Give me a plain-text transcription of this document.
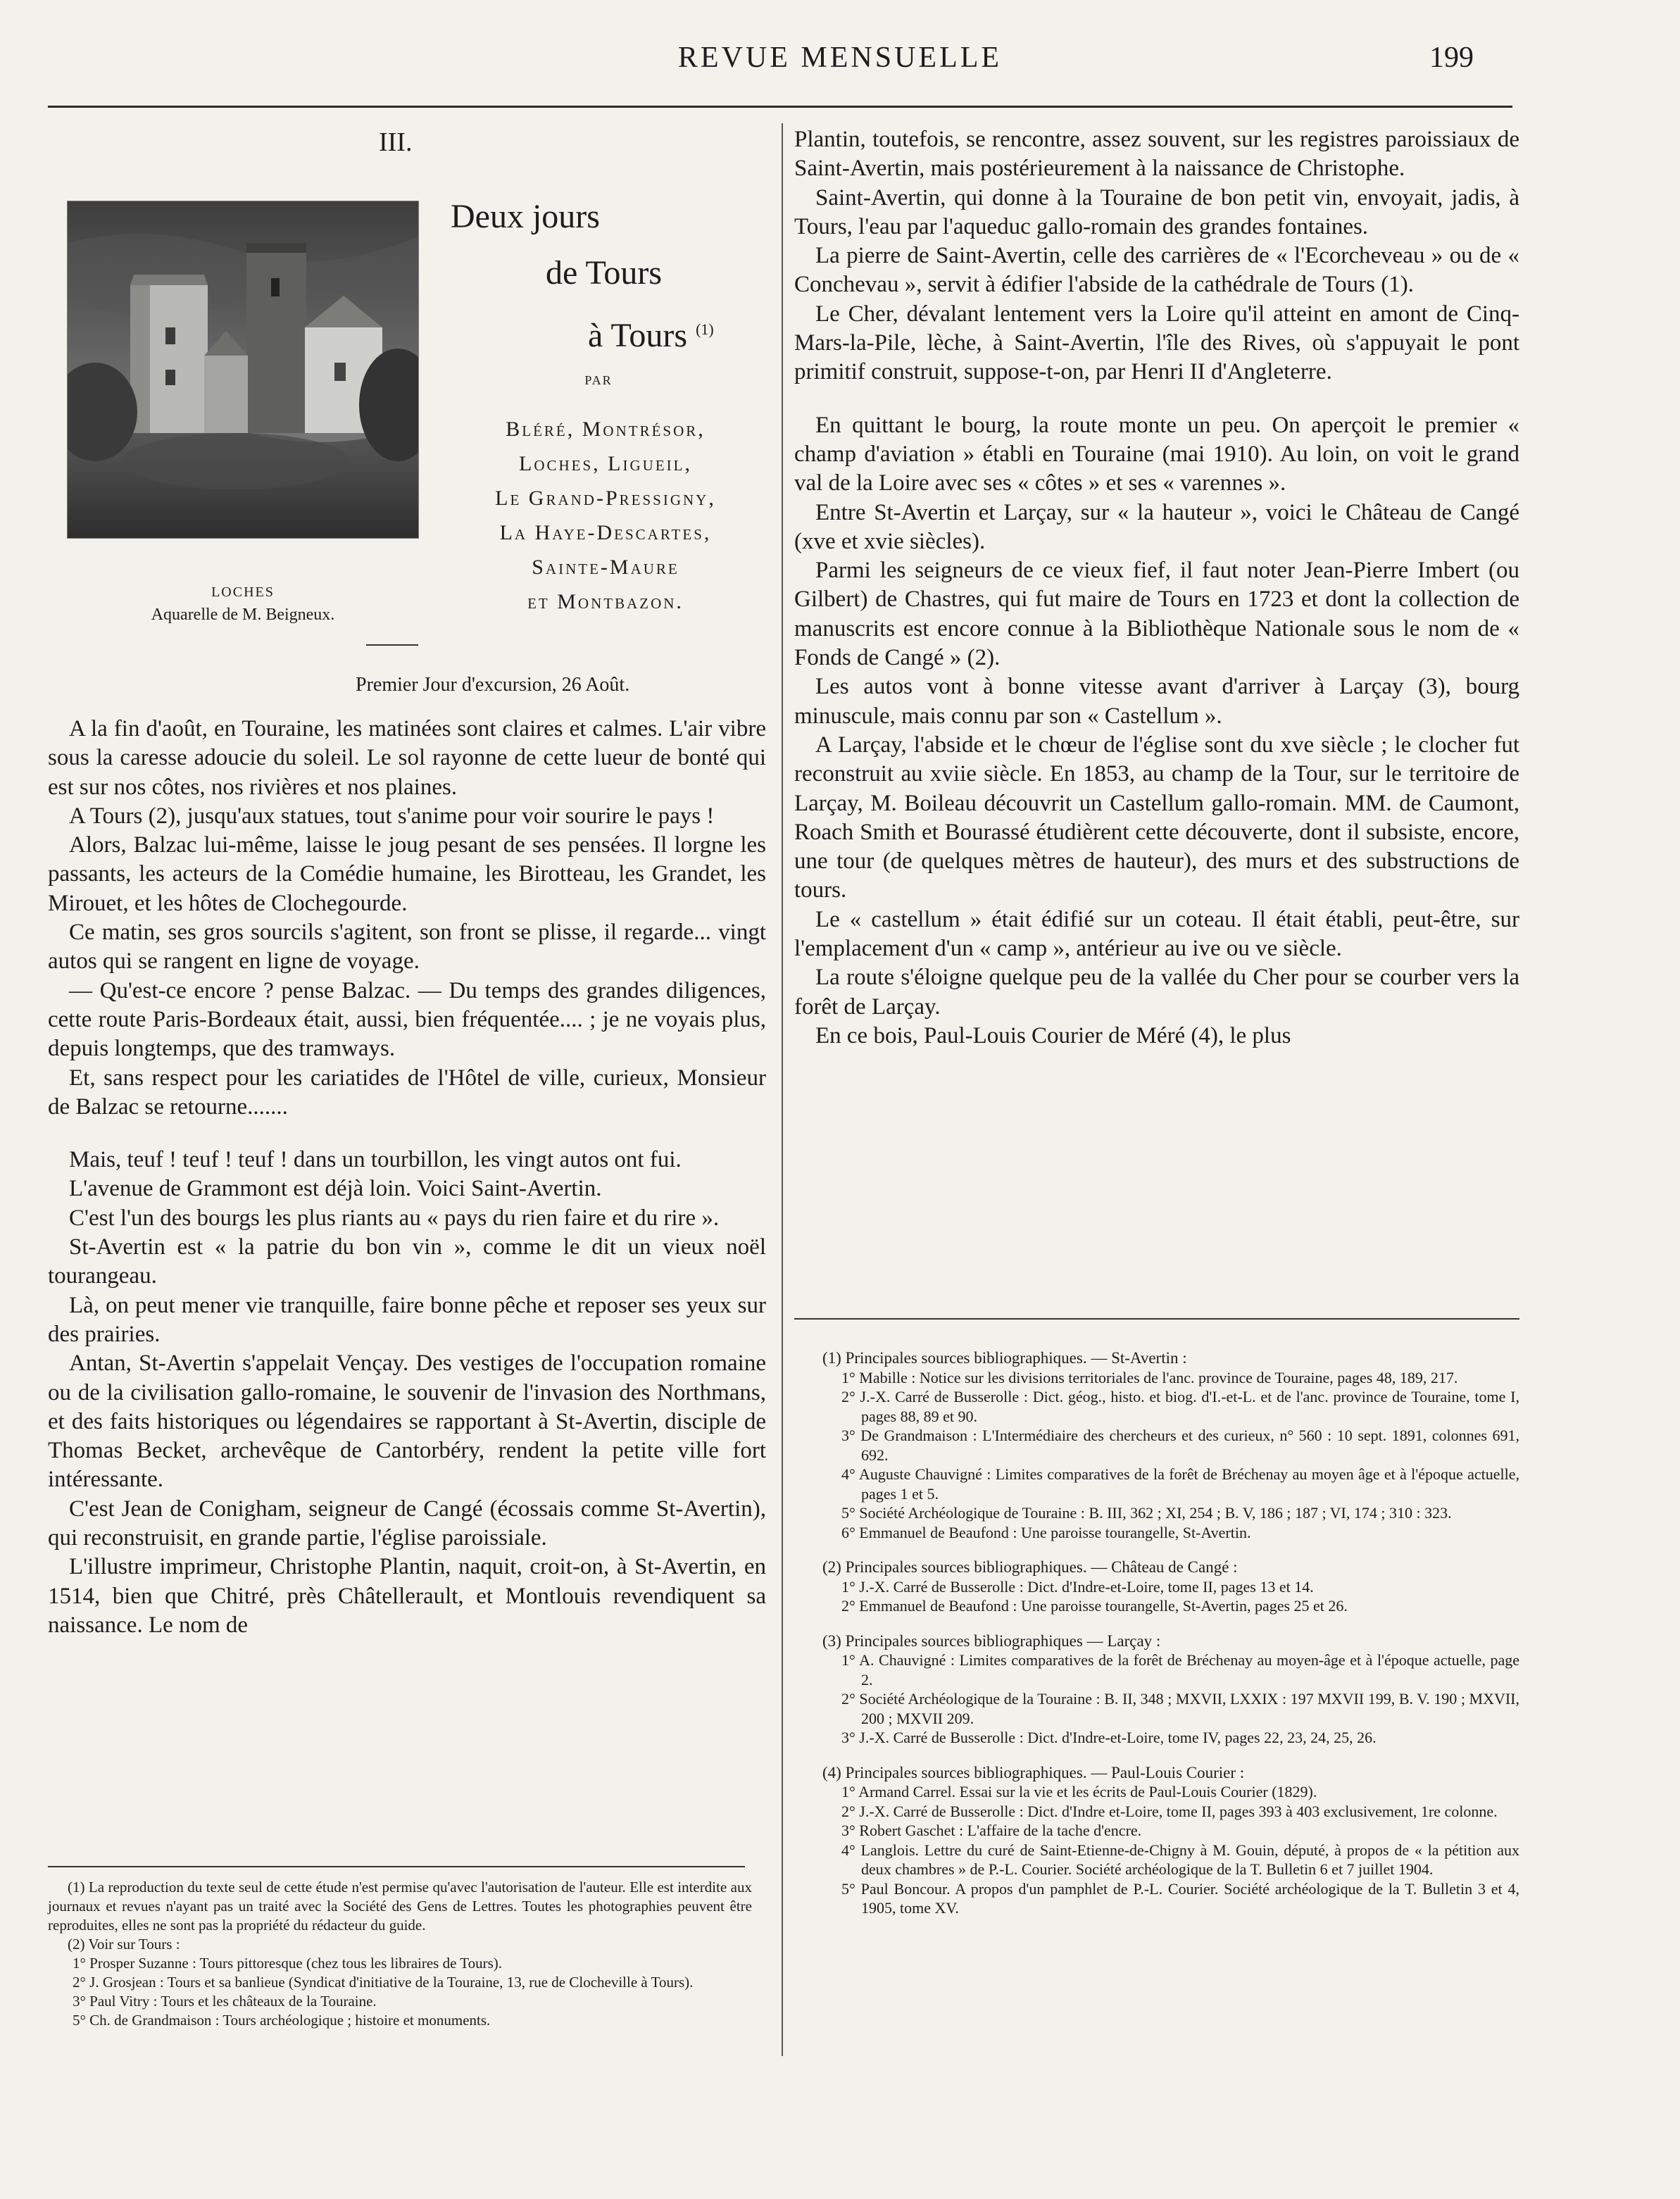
REVUE MENSUELLE	199
III.
LOCHES
Aquarelle de M. Beigneux.
Deux jours
de Tours
à Tours $^{(1)}$
PAR
Bléré, Montrésor,
Loches, Ligueil,
Le Grand-Pressigny,
La Haye-Descartes,
Sainte-Maure
et Montbazon.
Premier Jour d'excursion, 26 Août.

A la fin d'août, en Touraine, les matinées sont claires et calmes. L'air vibre sous la caresse adoucie du soleil. Le sol rayonne de cette lueur de bonté qui est sur nos côtes, nos rivières et nos plaines.

A Tours (2), jusqu'aux statues, tout s'anime pour voir sourire le pays !

Alors, Balzac lui-même, laisse le joug pesant de ses pensées. Il lorgne les passants, les acteurs de la Comédie humaine, les Birotteau, les Grandet, les Mirouet, et les hôtes de Clochegourde.

Ce matin, ses gros sourcils s'agitent, son front se plisse, il regarde... vingt autos qui se rangent en ligne de voyage.

— Qu'est-ce encore ? pense Balzac. — Du temps des grandes diligences, cette route Paris-Bordeaux était, aussi, bien fréquentée.... ; je ne voyais plus, depuis longtemps, que des tramways.

Et, sans respect pour les cariatides de l'Hôtel de ville, curieux, Monsieur de Balzac se retourne.......

Mais, teuf ! teuf ! teuf ! dans un tourbillon, les vingt autos ont fui.

L'avenue de Grammont est déjà loin. Voici Saint-Avertin.

C'est l'un des bourgs les plus riants au « pays du rien faire et du rire ».

St-Avertin est « la patrie du bon vin », comme le dit un vieux noël tourangeau.

Là, on peut mener vie tranquille, faire bonne pêche et reposer ses yeux sur des prairies.

Antan, St-Avertin s'appelait Vençay. Des vestiges de l'occupation romaine ou de la civilisation gallo-romaine, le souvenir de l'invasion des Northmans, et des faits historiques ou légendaires se rapportant à St-Avertin, disciple de Thomas Becket, archevêque de Cantorbéry, rendent la petite ville fort intéressante.

C'est Jean de Conigham, seigneur de Cangé (écossais comme St-Avertin), qui reconstruisit, en grande partie, l'église paroissiale.

L'illustre imprimeur, Christophe Plantin, naquit, croit-on, à St-Avertin, en 1514, bien que Chitré, près Châtellerault, et Montlouis revendiquent sa naissance. Le nom de

(1) La reproduction du texte seul de cette étude n'est permise qu'avec l'autorisation de l'auteur. Elle est interdite aux journaux et revues n'ayant pas un traité avec la Société des Gens de Lettres. Toutes les photographies peuvent être reproduites, elles ne sont pas la propriété du rédacteur du guide.

(2) Voir sur Tours :

1° Prosper Suzanne : Tours pittoresque (chez tous les libraires de Tours).

2° J. Grosjean : Tours et sa banlieue (Syndicat d'initiative de la Touraine, 13, rue de Clocheville à Tours).

3° Paul Vitry : Tours et les châteaux de la Touraine.

5° Ch. de Grandmaison : Tours archéologique ; histoire et monuments.

Plantin, toutefois, se rencontre, assez souvent, sur les registres paroissiaux de Saint-Avertin, mais postérieurement à la naissance de Christophe.

Saint-Avertin, qui donne à la Touraine de bon petit vin, envoyait, jadis, à Tours, l'eau par l'aqueduc gallo-romain des grandes fontaines.

La pierre de Saint-Avertin, celle des carrières de « l'Ecorcheveau » ou de « Conchevau », servit à édifier l'abside de la cathédrale de Tours (1).

Le Cher, dévalant lentement vers la Loire qu'il atteint en amont de Cinq-Mars-la-Pile, lèche, à Saint-Avertin, l'île des Rives, où s'appuyait le pont primitif construit, suppose-t-on, par Henri II d'Angleterre.

En quittant le bourg, la route monte un peu. On aperçoit le premier « champ d'aviation » établi en Touraine (mai 1910). Au loin, on voit le grand val de la Loire avec ses « côtes » et ses « varennes ».

Entre St-Avertin et Larçay, sur « la hauteur », voici le Château de Cangé (xve et xvie siècles).

Parmi les seigneurs de ce vieux fief, il faut noter Jean-Pierre Imbert (ou Gilbert) de Chastres, qui fut maire de Tours en 1723 et dont la collection de manuscrits est encore connue à la Bibliothèque Nationale sous le nom de « Fonds de Cangé » (2).

Les autos vont à bonne vitesse avant d'arriver à Larçay (3), bourg minuscule, mais connu par son « Castellum ».

A Larçay, l'abside et le chœur de l'église sont du xve siècle ; le clocher fut reconstruit au xviie siècle. En 1853, au champ de la Tour, sur le territoire de Larçay, M. Boileau découvrit un Castellum gallo-romain. MM. de Caumont, Roach Smith et Bourassé étudièrent cette découverte, dont il subsiste, encore, une tour (de quelques mètres de hauteur), des murs et des substructions de tours.

Le « castellum » était édifié sur un coteau. Il était établi, peut-être, sur l'emplacement d'un « camp », antérieur au ive ou ve siècle.

La route s'éloigne quelque peu de la vallée du Cher pour se courber vers la forêt de Larçay.

En ce bois, Paul-Louis Courier de Méré (4), le plus

(1) Principales sources bibliographiques. — St-Avertin :

1° Mabille : Notice sur les divisions territoriales de l'anc. province de Touraine, pages 48, 189, 217.

2° J.-X. Carré de Busserolle : Dict. géog., histo. et biog. d'I.-et-L. et de l'anc. province de Touraine, tome I, pages 88, 89 et 90.

3° De Grandmaison : L'Intermédiaire des chercheurs et des curieux, n° 560 : 10 sept. 1891, colonnes 691, 692.

4° Auguste Chauvigné : Limites comparatives de la forêt de Bréchenay au moyen âge et à l'époque actuelle, pages 1 et 5.

5° Société Archéologique de Touraine : B. III, 362 ; XI, 254 ; B. V, 186 ; 187 ; VI, 174 ; 310 : 323.

6° Emmanuel de Beaufond : Une paroisse tourangelle, St-Avertin.

(2) Principales sources bibliographiques. — Château de Cangé :

1° J.-X. Carré de Busserolle : Dict. d'Indre-et-Loire, tome II, pages 13 et 14.

2° Emmanuel de Beaufond : Une paroisse tourangelle, St-Avertin, pages 25 et 26.

(3) Principales sources bibliographiques — Larçay :

1° A. Chauvigné : Limites comparatives de la forêt de Bréchenay au moyen-âge et à l'époque actuelle, page 2.

2° Société Archéologique de la Touraine : B. II, 348 ; MXVII, LXXIX : 197 MXVII 199, B. V. 190 ; MXVII, 200 ; MXVII 209.

3° J.-X. Carré de Busserolle : Dict. d'Indre-et-Loire, tome IV, pages 22, 23, 24, 25, 26.

(4) Principales sources bibliographiques. — Paul-Louis Courier :

1° Armand Carrel. Essai sur la vie et les écrits de Paul-Louis Courier (1829).

2° J.-X. Carré de Busserolle : Dict. d'Indre et-Loire, tome II, pages 393 à 403 exclusivement, 1re colonne.

3° Robert Gaschet : L'affaire de la tache d'encre.

4° Langlois. Lettre du curé de Saint-Etienne-de-Chigny à M. Gouin, député, à propos de « la pétition aux deux chambres » de P.-L. Courier. Société archéologique de la T. Bulletin 6 et 7 juillet 1904.

5° Paul Boncour. A propos d'un pamphlet de P.-L. Courier. Société archéologique de la T. Bulletin 3 et 4, 1905, tome XV.
